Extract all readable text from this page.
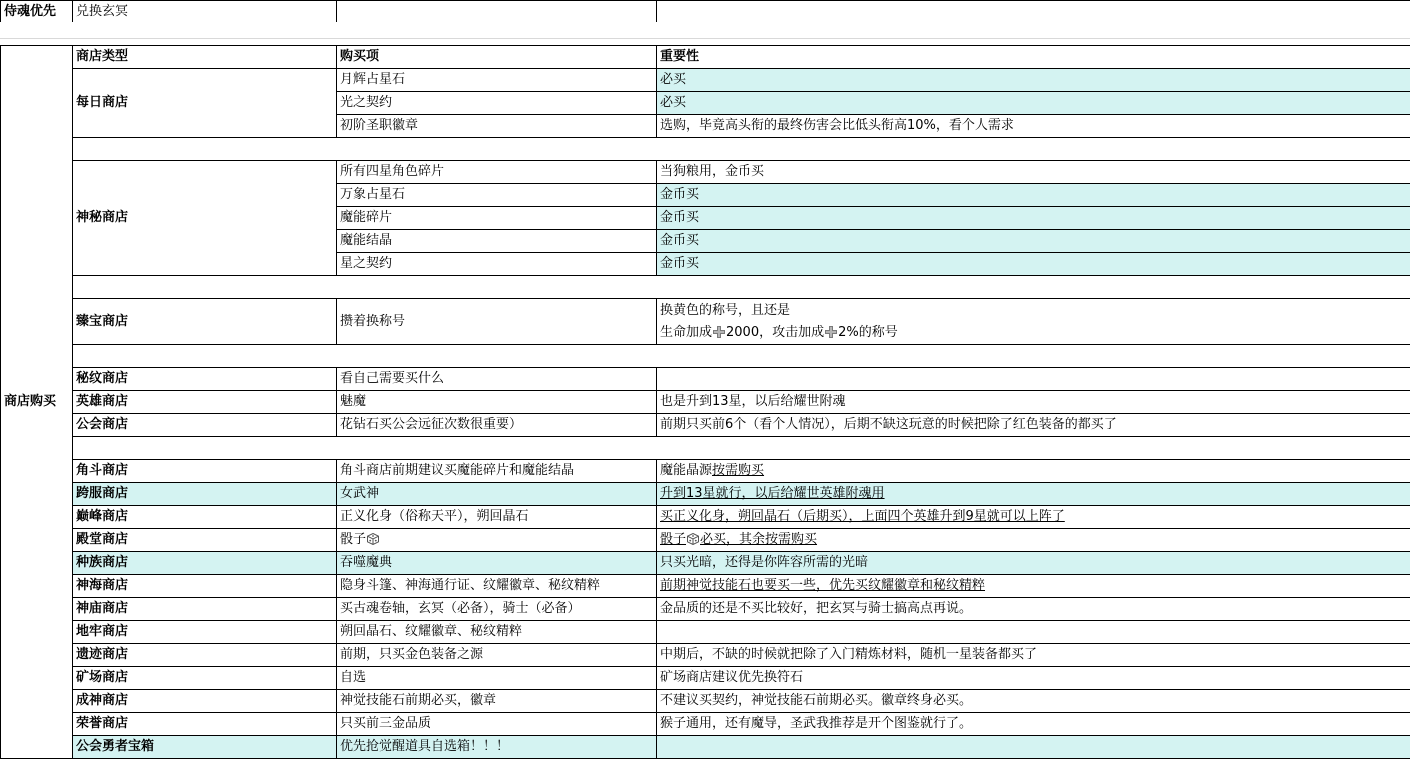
侍魂优先	兑换玄冥		
商店购买	商店类型	购买项	重要性
	每日商店	月辉占星石	必买
		光之契约	必买
		初阶圣职徽章	选购，毕竟高头衔的最终伤害会比低头衔高10%，看个人需求

	神秘商店	所有四星角色碎片	当狗粮用，金币买
		万象占星石	金币买
		魔能碎片	金币买
		魔能结晶	金币买
		星之契约	金币买

	臻宝商店	攒着换称号	换黄色的称号，且还是
生命加成 2000，攻击加成 2%的称号

	秘纹商店	看自己需要买什么	
	英雄商店	魅魔	也是升到13星，以后给耀世附魂
	公会商店	花钻石买公会远征次数很重要）	前期只买前6个（看个人情况），后期不缺这玩意的时候把除了红色装备的都买了

	角斗商店	角斗商店前期建议买魔能碎片和魔能结晶	魔能晶源按需购买
	跨服商店	女武神	升到13星就行，以后给耀世英雄附魂用
	巅峰商店	正义化身（俗称天平），朔回晶石	买正义化身，朔回晶石（后期买），上面四个英雄升到9星就可以上阵了
	殿堂商店	骰子	骰子 必买，其余按需购买
	种族商店	吞噬魔典	只买光暗，还得是你阵容所需的光暗
	神海商店	隐身斗篷、神海通行证、纹耀徽章、秘纹精粹	前期神觉技能石也要买一些，优先买纹耀徽章和秘纹精粹
	神庙商店	买古魂卷轴，玄冥（必备），骑士（必备）	金品质的还是不买比较好，把玄冥与骑士搞高点再说。
	地牢商店	朔回晶石、纹耀徽章、秘纹精粹	
	遗迹商店	前期，只买金色装备之源	中期后，不缺的时候就把除了入门精炼材料，随机一星装备都买了
	矿场商店	自选	矿场商店建议优先换符石
	成神商店	神觉技能石前期必买，徽章	不建议买契约，神觉技能石前期必买。徽章终身必买。
	荣誉商店	只买前三金品质	猴子通用，还有魔导，圣武我推荐是开个图鉴就行了。
	公会勇者宝箱	优先抢觉醒道具自选箱！！！	
